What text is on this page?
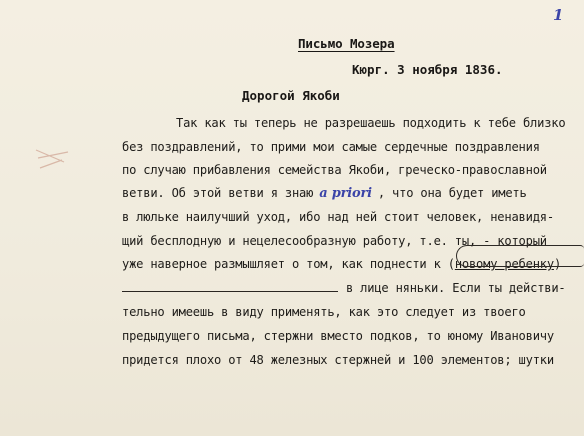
1
Письмо Мозера
Кюрг. 3 ноября 1836.
Дорогой Якоби
Так как ты теперь не разрешаешь подходить к тебе близко
без поздравлений, то прими мои самые сердечные поздравления
по случаю прибавления семейства Якоби, греческо-православной
ветви. Об этой ветви я знаю a priori , что она будет иметь
в люльке наилучший уход, ибо над ней стоит человек, ненавидя-
щий бесплодную и нецелесообразную работу, т.е. ты, - который
уже наверное размышляет о том, как поднести к (новому ребенку)
в лице няньки. Если ты действи-
тельно имеешь в виду применять, как это следует из твоего
предыдущего письма, стержни вместо подков, то юному Ивановичу
придется плохо от 48 железных стержней и 100 элементов; шутки
